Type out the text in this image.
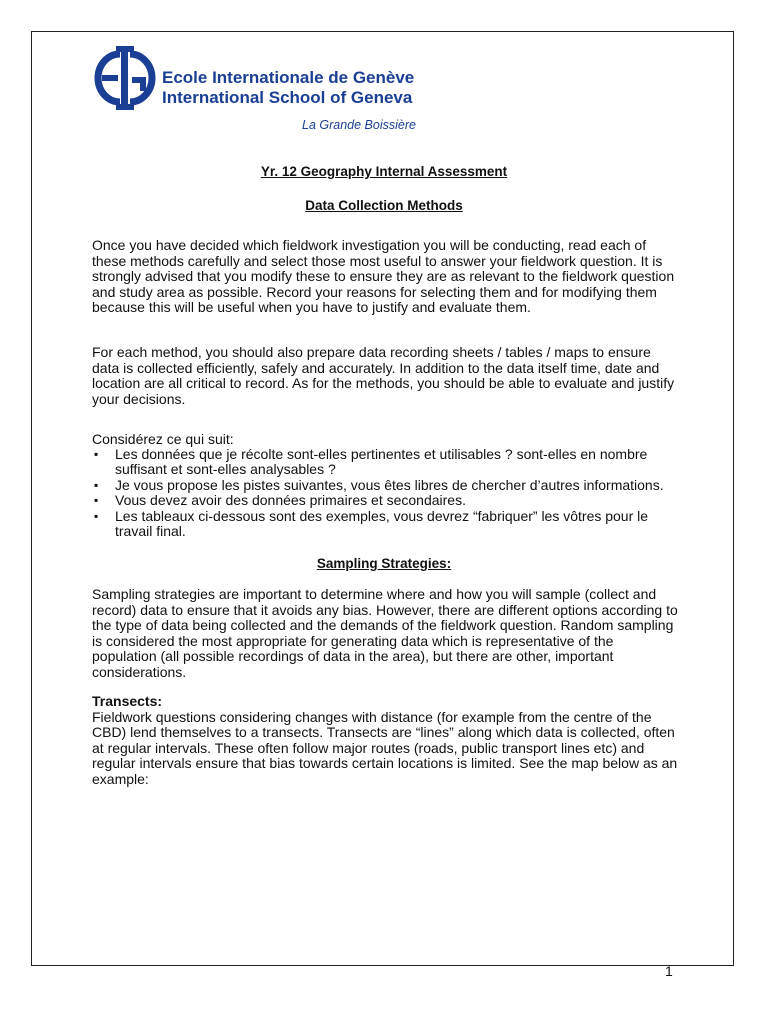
Ecole Internationale de Genève
International School of Geneva
La Grande Boissière
Yr. 12 Geography Internal Assessment
Data Collection Methods

Once you have decided which fieldwork investigation you will be conducting, read each of these methods carefully and select those most useful to answer your fieldwork question. It is strongly advised that you modify these to ensure they are as relevant to the fieldwork question and study area as possible. Record your reasons for selecting them and for modifying them because this will be useful when you have to justify and evaluate them.

For each method, you should also prepare data recording sheets / tables / maps to ensure data is collected efficiently, safely and accurately. In addition to the data itself time, date and location are all critical to record. As for the methods, you should be able to evaluate and justify your decisions.

Considérez ce qui suit:
▪ Les données que je récolte sont-elles pertinentes et utilisables ? sont-elles en nombre suffisant et sont-elles analysables ?
▪ Je vous propose les pistes suivantes, vous êtes libres de chercher d’autres informations.
▪ Vous devez avoir des données primaires et secondaires.
▪ Les tableaux ci-dessous sont des exemples, vous devrez “fabriquer” les vôtres pour le travail final.
Sampling Strategies:

Sampling strategies are important to determine where and how you will sample (collect and record) data to ensure that it avoids any bias. However, there are different options according to the type of data being collected and the demands of the fieldwork question. Random sampling is considered the most appropriate for generating data which is representative of the population (all possible recordings of data in the area), but there are other, important considerations.

Transects:

Fieldwork questions considering changes with distance (for example from the centre of the CBD) lend themselves to a transects. Transects are “lines” along which data is collected, often at regular intervals. These often follow major routes (roads, public transport lines etc) and regular intervals ensure that bias towards certain locations is limited. See the map below as an example:

1
